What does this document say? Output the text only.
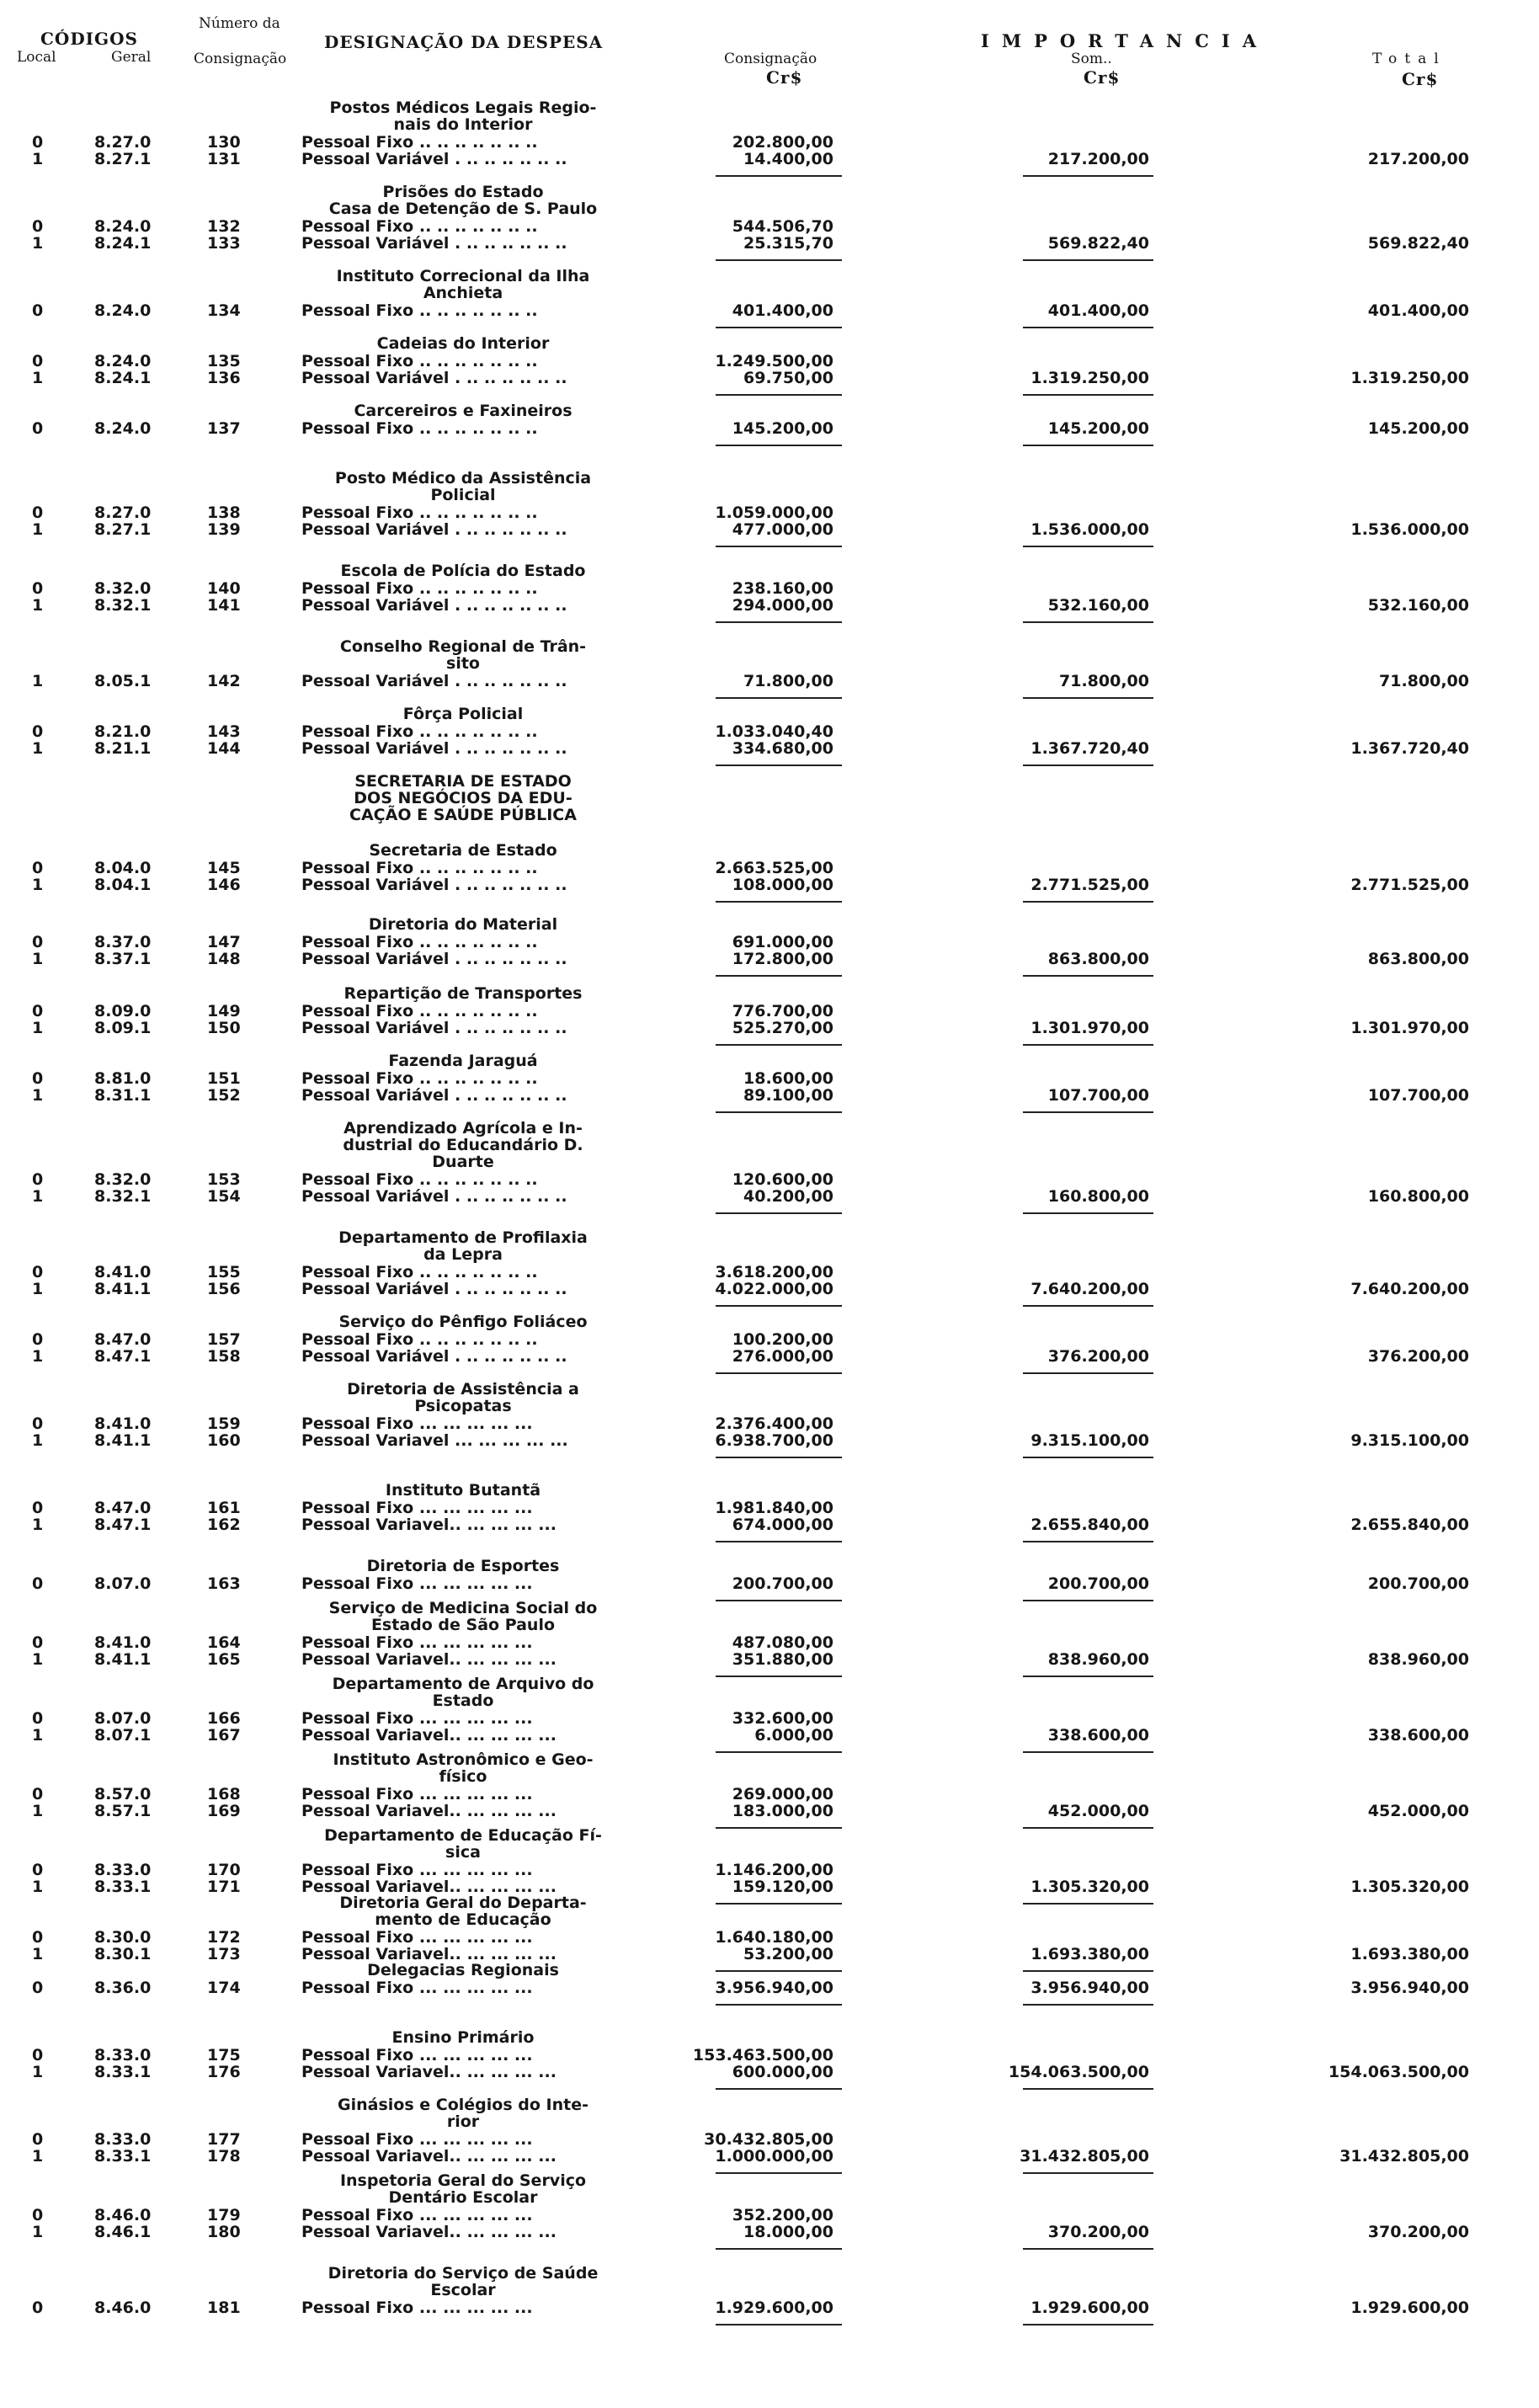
CÓDIGOS
Local	Geral
Número da
Consignação
DESIGNAÇÃO DA DESPESA
Consignação
Cr$
IMPORTANCIA
Som..
Cr$
Total
Cr$
SECRETARIA DE ESTADO
DOS NEGÓCIOS DA EDU-
CAÇÃO E SAÚDE PÚBLICA
Postos Médicos Legais Regio-
nais do Interior
0	8.27.0	130	Pessoal Fixo .. .. .. .. .. .. ..	202.800,00
1	8.27.1	131	Pessoal Variável . .. .. .. .. .. ..	14.400,00	217.200,00	217.200,00
Prisões do Estado
Casa de Detenção de S. Paulo
0	8.24.0	132	Pessoal Fixo .. .. .. .. .. .. ..	544.506,70
1	8.24.1	133	Pessoal Variável . .. .. .. .. .. ..	25.315,70	569.822,40	569.822,40
Instituto Correcional da Ilha
Anchieta
0	8.24.0	134	Pessoal Fixo .. .. .. .. .. .. ..	401.400,00	401.400,00	401.400,00
Cadeias do Interior
0	8.24.0	135	Pessoal Fixo .. .. .. .. .. .. ..	1.249.500,00
1	8.24.1	136	Pessoal Variável . .. .. .. .. .. ..	69.750,00	1.319.250,00	1.319.250,00
Carcereiros e Faxineiros
0	8.24.0	137	Pessoal Fixo .. .. .. .. .. .. ..	145.200,00	145.200,00	145.200,00
Posto Médico da Assistência
Policial
0	8.27.0	138	Pessoal Fixo .. .. .. .. .. .. ..	1.059.000,00
1	8.27.1	139	Pessoal Variável . .. .. .. .. .. ..	477.000,00	1.536.000,00	1.536.000,00
Escola de Polícia do Estado
0	8.32.0	140	Pessoal Fixo .. .. .. .. .. .. ..	238.160,00
1	8.32.1	141	Pessoal Variável . .. .. .. .. .. ..	294.000,00	532.160,00	532.160,00
Conselho Regional de Trân-
sito
1	8.05.1	142	Pessoal Variável . .. .. .. .. .. ..	71.800,00	71.800,00	71.800,00
Fôrça Policial
0	8.21.0	143	Pessoal Fixo .. .. .. .. .. .. ..	1.033.040,40
1	8.21.1	144	Pessoal Variável . .. .. .. .. .. ..	334.680,00	1.367.720,40	1.367.720,40
Secretaria de Estado
0	8.04.0	145	Pessoal Fixo .. .. .. .. .. .. ..	2.663.525,00
1	8.04.1	146	Pessoal Variável . .. .. .. .. .. ..	108.000,00	2.771.525,00	2.771.525,00
Diretoria do Material
0	8.37.0	147	Pessoal Fixo .. .. .. .. .. .. ..	691.000,00
1	8.37.1	148	Pessoal Variável . .. .. .. .. .. ..	172.800,00	863.800,00	863.800,00
Repartição de Transportes
0	8.09.0	149	Pessoal Fixo .. .. .. .. .. .. ..	776.700,00
1	8.09.1	150	Pessoal Variável . .. .. .. .. .. ..	525.270,00	1.301.970,00	1.301.970,00
Fazenda Jaraguá
0	8.81.0	151	Pessoal Fixo .. .. .. .. .. .. ..	18.600,00
1	8.31.1	152	Pessoal Variável . .. .. .. .. .. ..	89.100,00	107.700,00	107.700,00
Aprendizado Agrícola e In-
dustrial do Educandário D.
Duarte
0	8.32.0	153	Pessoal Fixo .. .. .. .. .. .. ..	120.600,00
1	8.32.1	154	Pessoal Variável . .. .. .. .. .. ..	40.200,00	160.800,00	160.800,00
Departamento de Profilaxia
da Lepra
0	8.41.0	155	Pessoal Fixo .. .. .. .. .. .. ..	3.618.200,00
1	8.41.1	156	Pessoal Variável . .. .. .. .. .. ..	4.022.000,00	7.640.200,00	7.640.200,00
Serviço do Pênfigo Foliáceo
0	8.47.0	157	Pessoal Fixo .. .. .. .. .. .. ..	100.200,00
1	8.47.1	158	Pessoal Variável . .. .. .. .. .. ..	276.000,00	376.200,00	376.200,00
Diretoria de Assistência a
Psicopatas
0	8.41.0	159	Pessoal Fixo ... ... ... ... ...	2.376.400,00
1	8.41.1	160	Pessoal Variavel ... ... ... ... ...	6.938.700,00	9.315.100,00	9.315.100,00
Instituto Butantã
0	8.47.0	161	Pessoal Fixo ... ... ... ... ...	1.981.840,00
1	8.47.1	162	Pessoal Variavel.. ... ... ... ...	674.000,00	2.655.840,00	2.655.840,00
Diretoria de Esportes
0	8.07.0	163	Pessoal Fixo ... ... ... ... ...	200.700,00	200.700,00	200.700,00
Serviço de Medicina Social do
Estado de São Paulo
0	8.41.0	164	Pessoal Fixo ... ... ... ... ...	487.080,00
1	8.41.1	165	Pessoal Variavel.. ... ... ... ...	351.880,00	838.960,00	838.960,00
Departamento de Arquivo do
Estado
0	8.07.0	166	Pessoal Fixo ... ... ... ... ...	332.600,00
1	8.07.1	167	Pessoal Variavel.. ... ... ... ...	6.000,00	338.600,00	338.600,00
Instituto Astronômico e Geo-
físico
0	8.57.0	168	Pessoal Fixo ... ... ... ... ...	269.000,00
1	8.57.1	169	Pessoal Variavel.. ... ... ... ...	183.000,00	452.000,00	452.000,00
Departamento de Educação Fí-
sica
0	8.33.0	170	Pessoal Fixo ... ... ... ... ...	1.146.200,00
1	8.33.1	171	Pessoal Variavel.. ... ... ... ...	159.120,00	1.305.320,00	1.305.320,00
Diretoria Geral do Departa-
mento de Educação
0	8.30.0	172	Pessoal Fixo ... ... ... ... ...	1.640.180,00
1	8.30.1	173	Pessoal Variavel.. ... ... ... ...	53.200,00	1.693.380,00	1.693.380,00
Delegacias Regionais
0	8.36.0	174	Pessoal Fixo ... ... ... ... ...	3.956.940,00	3.956.940,00	3.956.940,00
Ensino Primário
0	8.33.0	175	Pessoal Fixo ... ... ... ... ...	153.463.500,00
1	8.33.1	176	Pessoal Variavel.. ... ... ... ...	600.000,00	154.063.500,00	154.063.500,00
Ginásios e Colégios do Inte-
rior
0	8.33.0	177	Pessoal Fixo ... ... ... ... ...	30.432.805,00
1	8.33.1	178	Pessoal Variavel.. ... ... ... ...	1.000.000,00	31.432.805,00	31.432.805,00
Inspetoria Geral do Serviço
Dentário Escolar
0	8.46.0	179	Pessoal Fixo ... ... ... ... ...	352.200,00
1	8.46.1	180	Pessoal Variavel.. ... ... ... ...	18.000,00	370.200,00	370.200,00
Diretoria do Serviço de Saúde
Escolar
0	8.46.0	181	Pessoal Fixo ... ... ... ... ...	1.929.600,00	1.929.600,00	1.929.600,00
